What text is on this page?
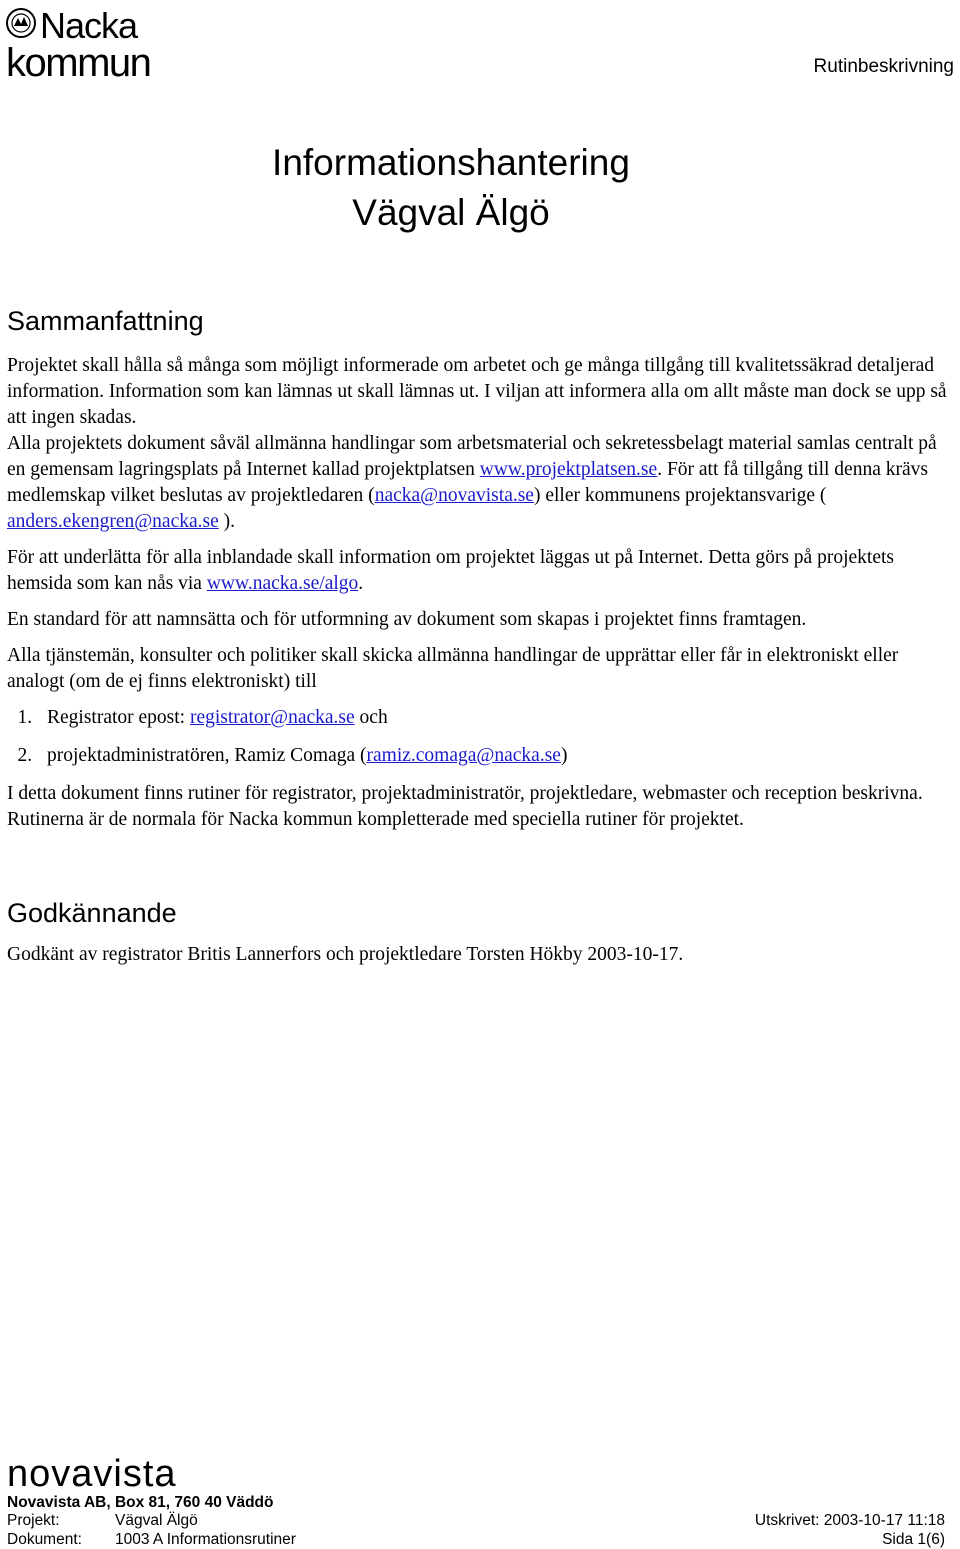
Nacka
kommun	Rutinbeskrivning
Informationshantering
Vägval Älgö
Sammanfattning

Projektet skall hålla så många som möjligt informerade om arbetet och ge många tillgång till kvalitetssäkrad detaljerad information. Information som kan lämnas ut skall lämnas ut. I viljan att informera alla om allt måste man dock se upp så att ingen skadas.

Alla projektets dokument såväl allmänna handlingar som arbetsmaterial och sekretessbelagt material samlas centralt på en gemensam lagringsplats på Internet kallad projektplatsen www.projektplatsen.se. För att få tillgång till denna krävs medlemskap vilket beslutas av projektledaren (nacka@novavista.se) eller kommunens projektansvarige ( anders.ekengren@nacka.se ).

För att underlätta för alla inblandade skall information om projektet läggas ut på Internet. Detta görs på projektets hemsida som kan nås via www.nacka.se/algo.

En standard för att namnsätta och för utformning av dokument som skapas i projektet finns framtagen.

Alla tjänstemän, konsulter och politiker skall skicka allmänna handlingar de upprättar eller får in elektroniskt eller analogt (om de ej finns elektroniskt) till

1. Registrator epost: registrator@nacka.se och
2. projektadministratören, Ramiz Comaga (ramiz.comaga@nacka.se)

I detta dokument finns rutiner för registrator, projektadministratör, projektledare, webmaster och reception beskrivna. Rutinerna är de normala för Nacka kommun kompletterade med speciella rutiner för projektet.

Godkännande

Godkänt av registrator Britis Lannerfors och projektledare Torsten Hökby 2003-10-17.

novavista
Novavista AB, Box 81, 760 40 Väddö
Projekt:	Vägval Älgö	Utskrivet: 2003-10-17 11:18
Dokument: 1003 A Informationsrutiner	Sida 1(6)
